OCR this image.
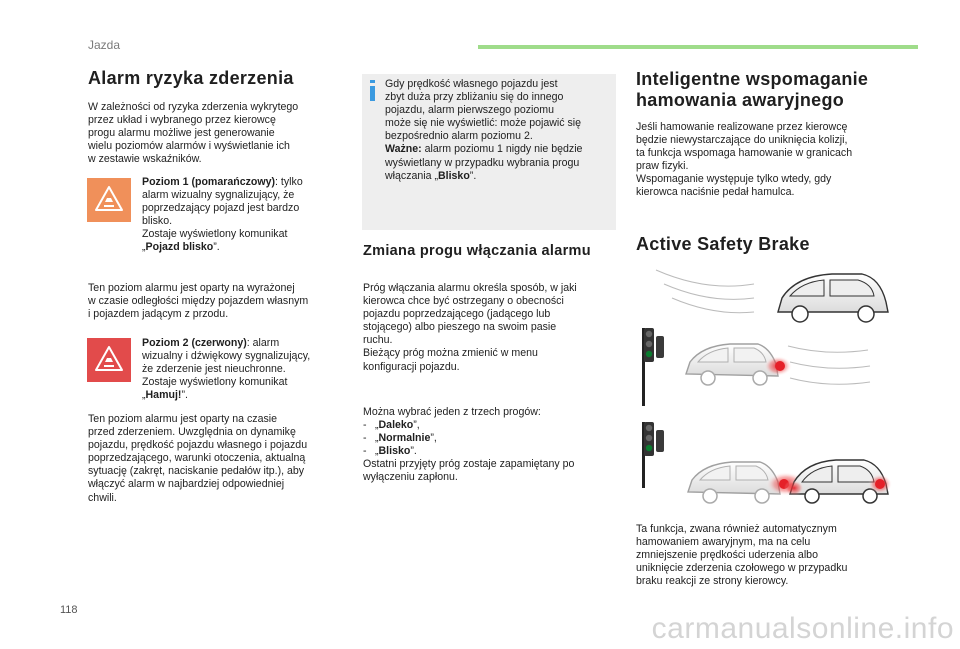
Jazda
118
carmanualsonline.info
Alarm ryzyka zderzenia

W zależności od ryzyka zderzenia wykrytego

przez układ i wybranego przez kierowcę

progu alarmu możliwe jest generowanie

wielu poziomów alarmów i wyświetlanie ich

w zestawie wskaźników.

Poziom 1 (pomarańczowy): tylko

alarm wizualny sygnalizujący, że

poprzedzający pojazd jest bardzo

blisko.

Zostaje wyświetlony komunikat

„Pojazd blisko”.

Ten poziom alarmu jest oparty na wyrażonej

w czasie odległości między pojazdem własnym

i pojazdem jadącym z przodu.

Poziom 2 (czerwony): alarm

wizualny i dźwiękowy sygnalizujący,

że zderzenie jest nieuchronne.

Zostaje wyświetlony komunikat

„Hamuj!”.

Ten poziom alarmu jest oparty na czasie

przed zderzeniem. Uwzględnia on dynamikę

pojazdu, prędkość pojazdu własnego i pojazdu

poprzedzającego, warunki otoczenia, aktualną

sytuację (zakręt, naciskanie pedałów itp.), aby

włączyć alarm w najbardziej odpowiedniej

chwili.

Gdy prędkość własnego pojazdu jest

zbyt duża przy zbliżaniu się do innego

pojazdu, alarm pierwszego poziomu

może się nie wyświetlić: może pojawić się

bezpośrednio alarm poziomu 2.

Ważne: alarm poziomu 1 nigdy nie będzie

wyświetlany w przypadku wybrania progu

włączania „Blisko”.

Zmiana progu włączania alarmu

Próg włączania alarmu określa sposób, w jaki

kierowca chce być ostrzegany o obecności

pojazdu poprzedzającego (jadącego lub

stojącego) albo pieszego na swoim pasie

ruchu.

Bieżący próg można zmienić w menu

konfiguracji pojazdu.

Można wybrać jeden z trzech progów:

- „Daleko”,

- „Normalnie”,

- „Blisko”.

Ostatni przyjęty próg zostaje zapamiętany po

wyłączeniu zapłonu.

Inteligentne wspomaganie
hamowania awaryjnego

Jeśli hamowanie realizowane przez kierowcę

będzie niewystarczające do uniknięcia kolizji,

ta funkcja wspomaga hamowanie w granicach

praw fizyki.

Wspomaganie występuje tylko wtedy, gdy

kierowca naciśnie pedał hamulca.

Active Safety Brake

Ta funkcja, zwana również automatycznym

hamowaniem awaryjnym, ma na celu

zmniejszenie prędkości uderzenia albo

uniknięcie zderzenia czołowego w przypadku

braku reakcji ze strony kierowcy.
